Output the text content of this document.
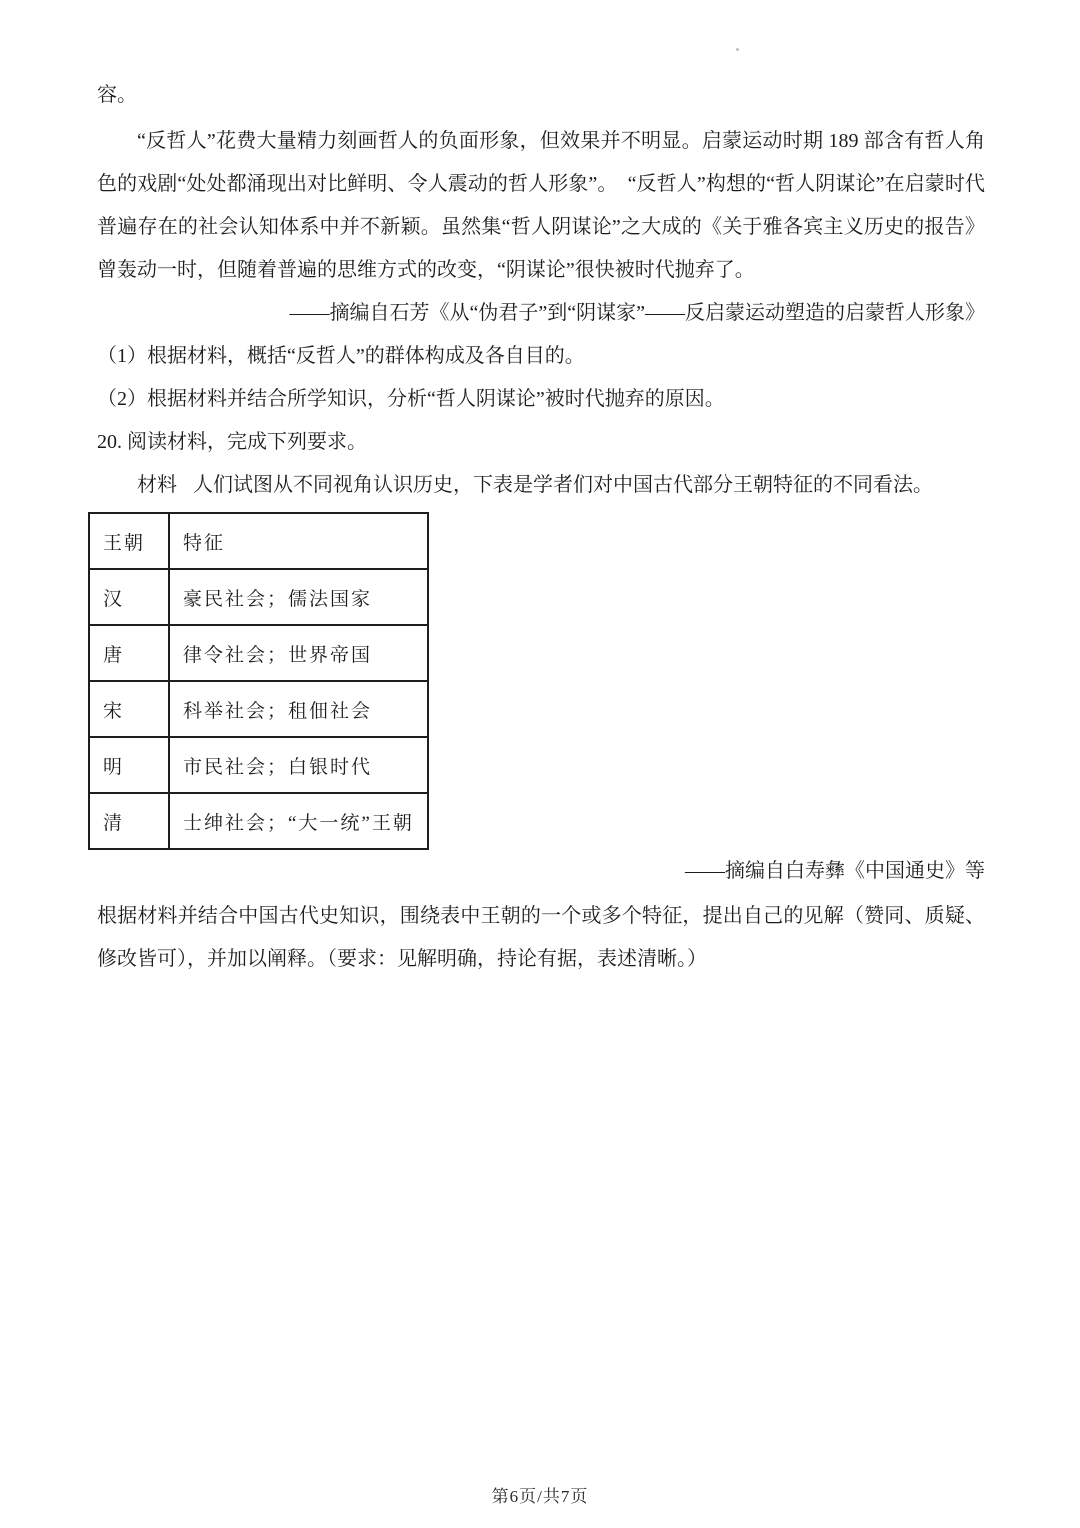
容。

“反哲人”花费大量精力刻画哲人的负面形象，但效果并不明显。启蒙运动时期 189 部含有哲人角色的戏剧“处处都涌现出对比鲜明、令人震动的哲人形象”。　“反哲人”构想的“哲人阴谋论”在启蒙时代普遍存在的社会认知体系中并不新颖。虽然集“哲人阴谋论”之大成的《关于雅各宾主义历史的报告》曾轰动一时，但随着普遍的思维方式的改变，“阴谋论”很快被时代抛弃了。

——摘编自石芳《从“伪君子”到“阴谋家”——反启蒙运动塑造的启蒙哲人形象》
（1）根据材料，概括“反哲人”的群体构成及各自目的。
（2）根据材料并结合所学知识，分析“哲人阴谋论”被时代抛弃的原因。
20. 阅读材料，完成下列要求。
材料 人们试图从不同视角认识历史，下表是学者们对中国古代部分王朝特征的不同看法。
王朝	特征
汉	豪民社会；儒法国家
唐	律令社会；世界帝国
宋	科举社会；租佃社会
明	市民社会；白银时代
清	士绅社会；“大一统”王朝
——摘编自白寿彝《中国通史》等

根据材料并结合中国古代史知识，围绕表中王朝的一个或多个特征，提出自己的见解（赞同、质疑、修改皆可），并加以阐释。（要求：见解明确，持论有据，表述清晰。）

第6页/共7页
